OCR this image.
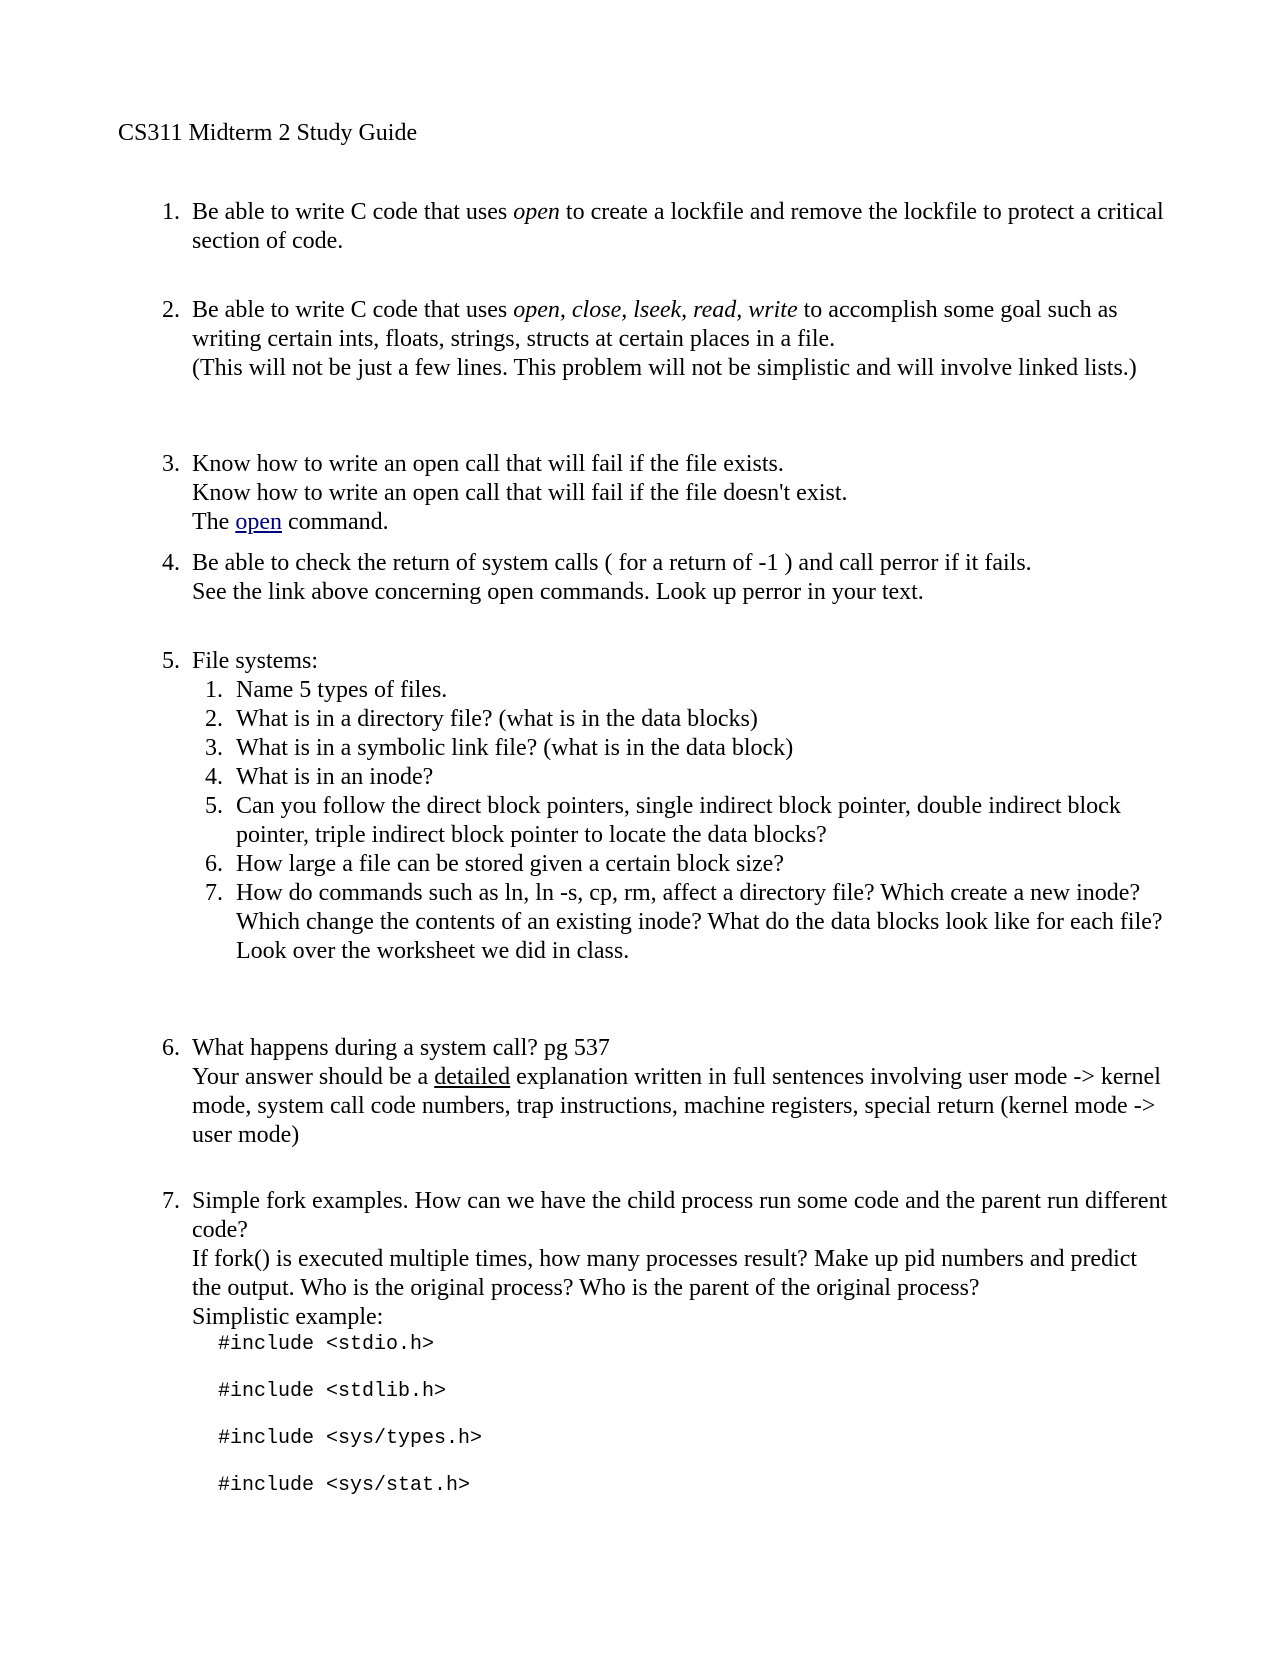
CS311 Midterm 2 Study Guide
1. Be able to write C code that uses open to create a lockfile and remove the lockfile to protect a critical section of code.
2. Be able to write C code that uses open, close, lseek, read, write to accomplish some goal such as writing certain ints, floats, strings, structs at certain places in a file.
(This will not be just a few lines. This problem will not be simplistic and will involve linked lists.)
3. Know how to write an open call that will fail if the file exists.
Know how to write an open call that will fail if the file doesn't exist.
The open command.
4. Be able to check the return of system calls ( for a return of -1 ) and call perror if it fails.
See the link above concerning open commands. Look up perror in your text.
5. File systems:
1. Name 5 types of files.
2. What is in a directory file? (what is in the data blocks)
3. What is in a symbolic link file? (what is in the data block)
4. What is in an inode?
5. Can you follow the direct block pointers, single indirect block pointer, double indirect block pointer, triple indirect block pointer to locate the data blocks?
6. How large a file can be stored given a certain block size?
7. How do commands such as ln, ln -s, cp, rm, affect a directory file? Which create a new inode? Which change the contents of an existing inode? What do the data blocks look like for each file?
Look over the worksheet we did in class.
6. What happens during a system call? pg 537
Your answer should be a detailed explanation written in full sentences involving user mode -> kernel mode, system call code numbers, trap instructions, machine registers, special return (kernel mode -> user mode)
7. Simple fork examples. How can we have the child process run some code and the parent run different code?
If fork() is executed multiple times, how many processes result? Make up pid numbers and predict the output. Who is the original process? Who is the parent of the original process?
Simplistic example:
#include <stdio.h>
#include <stdlib.h>
#include <sys/types.h>
#include <sys/stat.h>
